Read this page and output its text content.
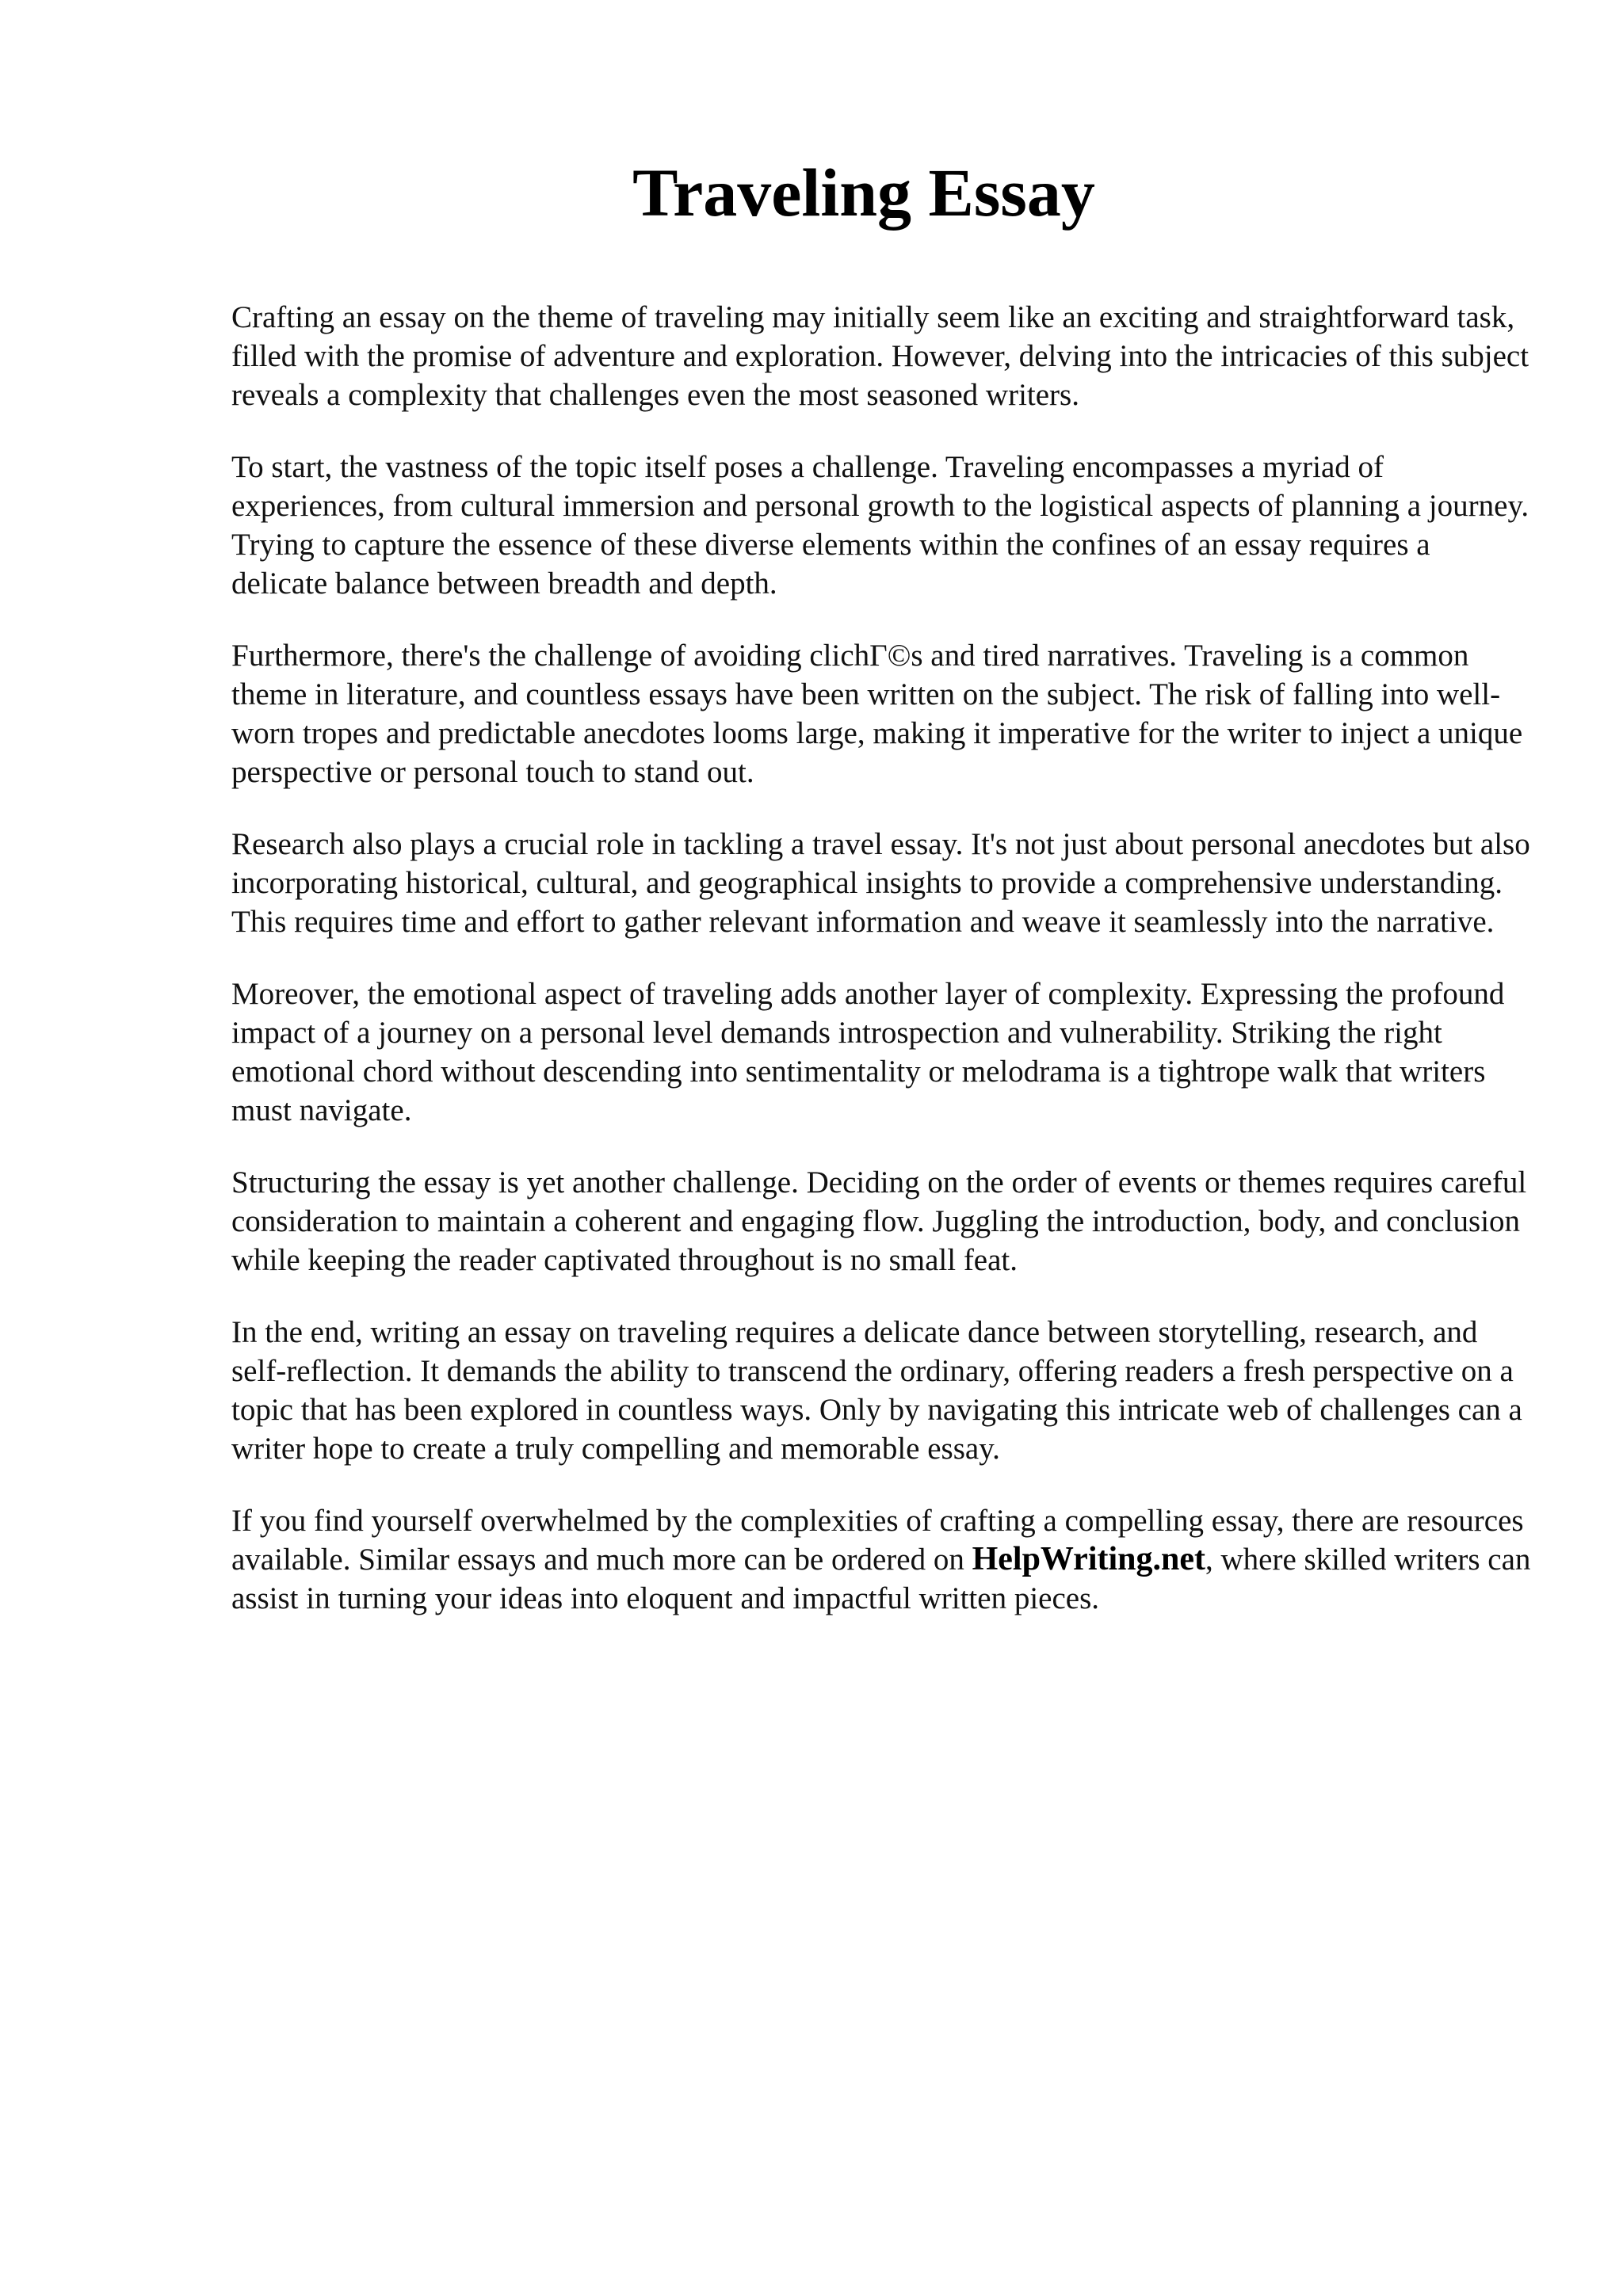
Traveling Essay

Crafting an essay on the theme of traveling may initially seem like an exciting and straightforward task, filled with the promise of adventure and exploration. However, delving into the intricacies of this subject reveals a complexity that challenges even the most seasoned writers.

To start, the vastness of the topic itself poses a challenge. Traveling encompasses a myriad of experiences, from cultural immersion and personal growth to the logistical aspects of planning a journey. Trying to capture the essence of these diverse elements within the confines of an essay requires a delicate balance between breadth and depth.

Furthermore, there's the challenge of avoiding clichΓ©s and tired narratives. Traveling is a common theme in literature, and countless essays have been written on the subject. The risk of falling into well-worn tropes and predictable anecdotes looms large, making it imperative for the writer to inject a unique perspective or personal touch to stand out.

Research also plays a crucial role in tackling a travel essay. It's not just about personal anecdotes but also incorporating historical, cultural, and geographical insights to provide a comprehensive understanding. This requires time and effort to gather relevant information and weave it seamlessly into the narrative.

Moreover, the emotional aspect of traveling adds another layer of complexity. Expressing the profound impact of a journey on a personal level demands introspection and vulnerability. Striking the right emotional chord without descending into sentimentality or melodrama is a tightrope walk that writers must navigate.

Structuring the essay is yet another challenge. Deciding on the order of events or themes requires careful consideration to maintain a coherent and engaging flow. Juggling the introduction, body, and conclusion while keeping the reader captivated throughout is no small feat.

In the end, writing an essay on traveling requires a delicate dance between storytelling, research, and self-reflection. It demands the ability to transcend the ordinary, offering readers a fresh perspective on a topic that has been explored in countless ways. Only by navigating this intricate web of challenges can a writer hope to create a truly compelling and memorable essay.

If you find yourself overwhelmed by the complexities of crafting a compelling essay, there are resources available. Similar essays and much more can be ordered on HelpWriting.net, where skilled writers can assist in turning your ideas into eloquent and impactful written pieces.
